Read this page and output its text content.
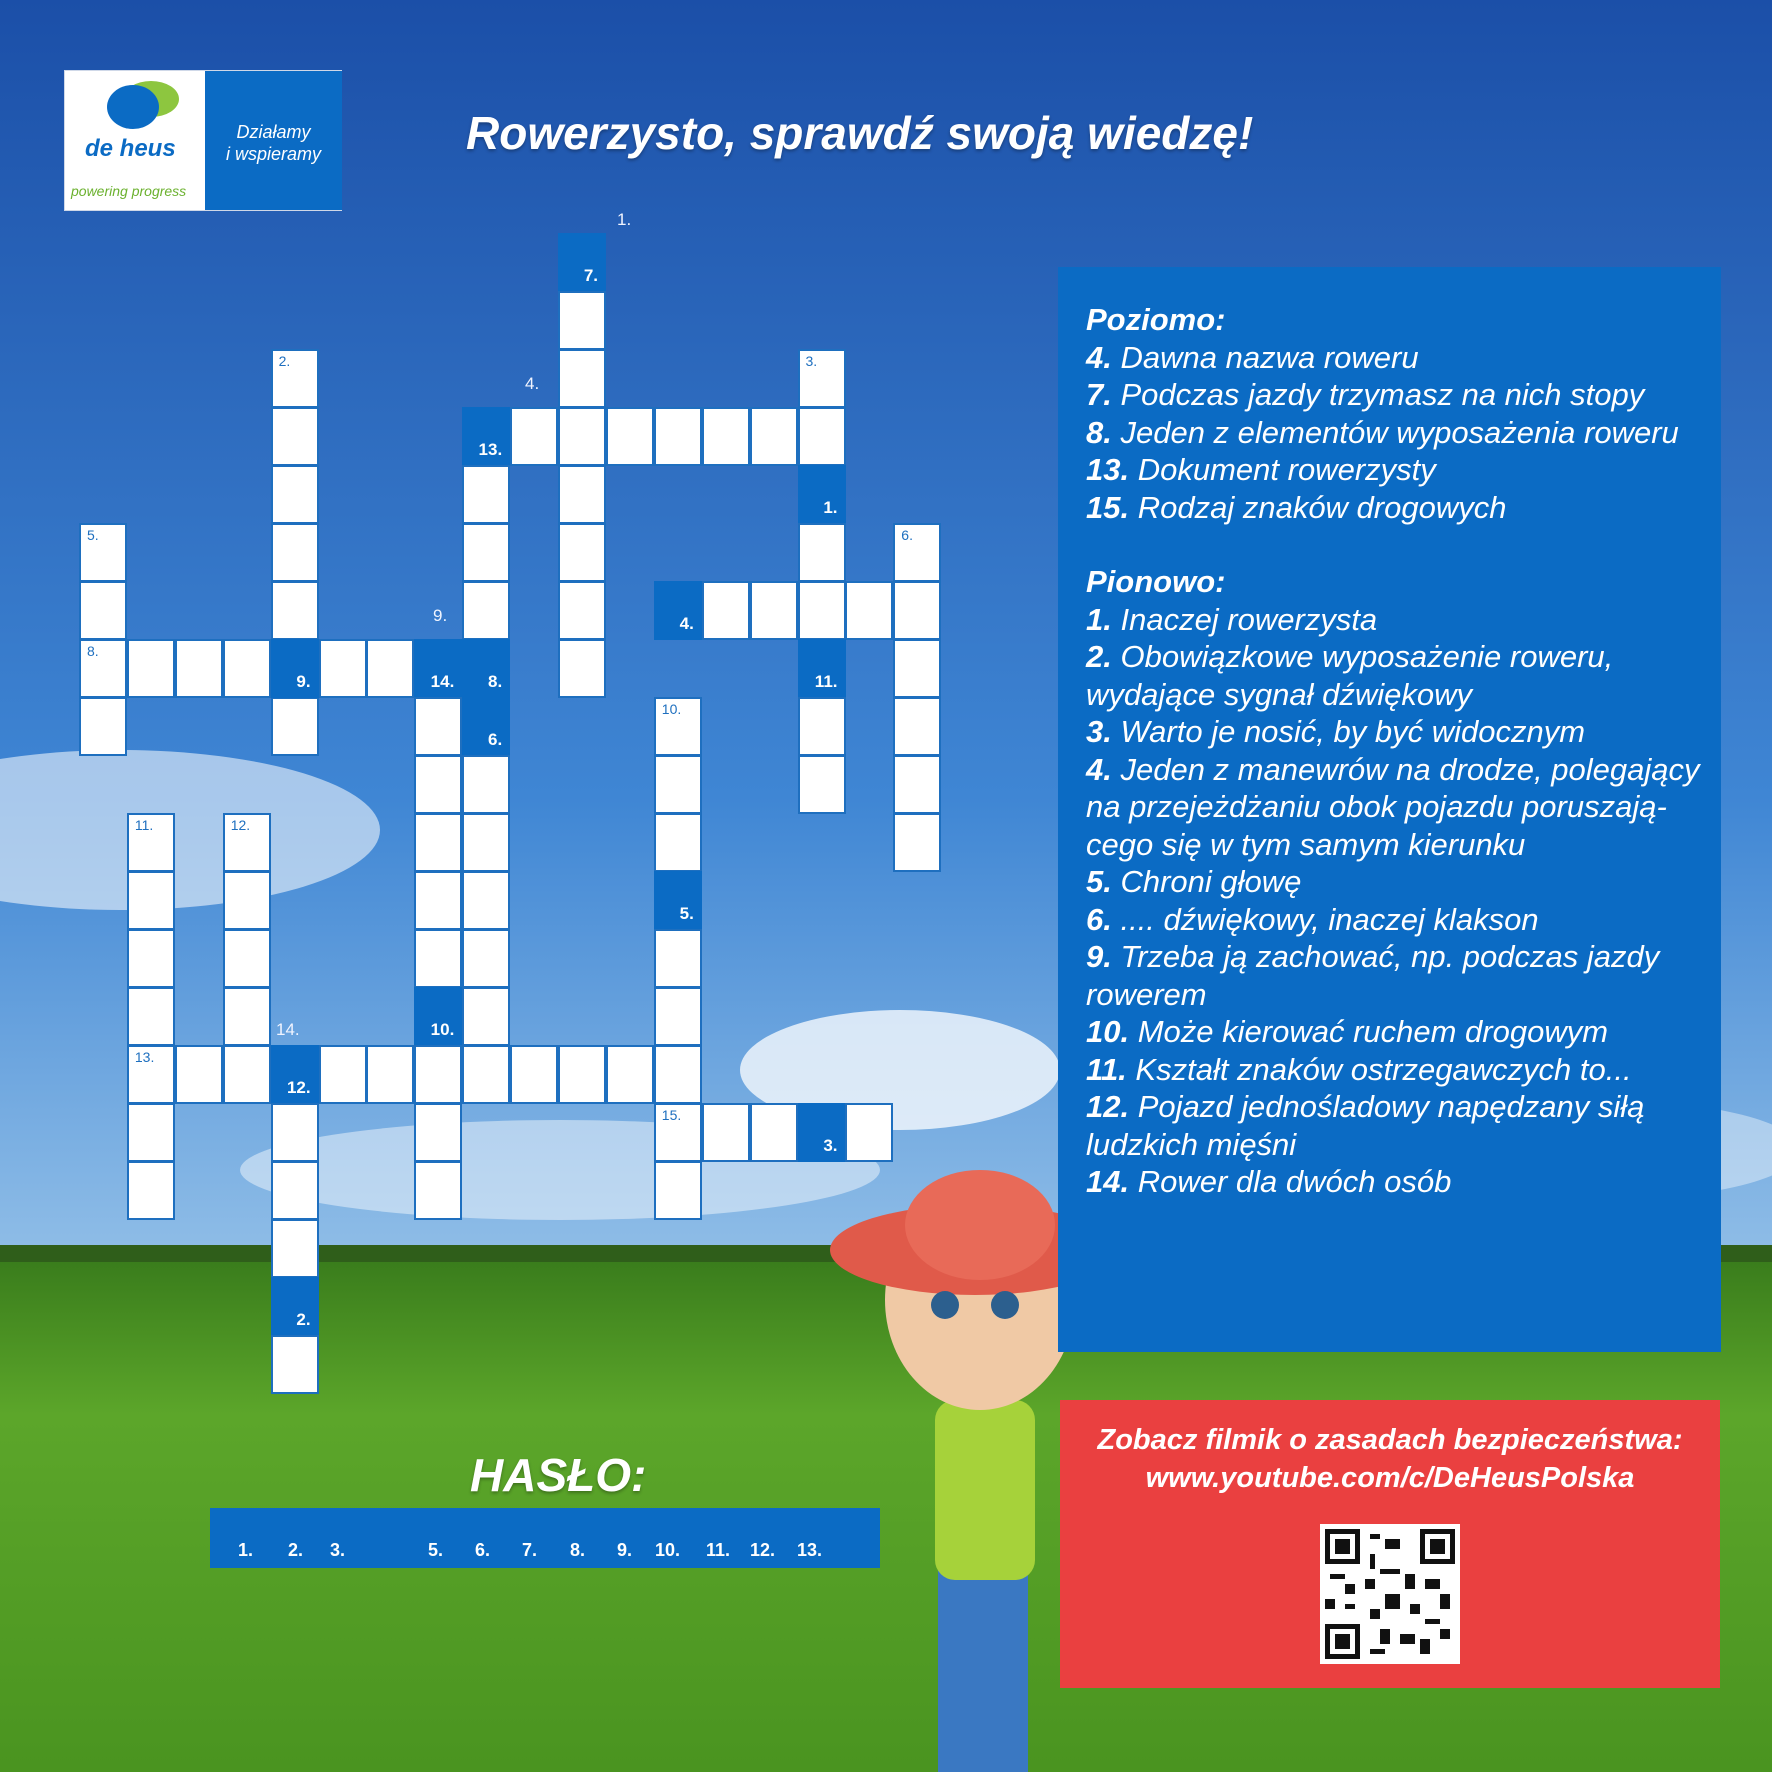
de heus
powering progress
Działamy
i wspieramy	Rowerzysto, sprawdź swoją wiedzę!
7.
13.
8.
6.
3.
1.
4.
11.
6.
2.
5.
8.
9.	14.
10.
10.
5.
11.	12.
13.
12.
2.
15.
3.
1.
4.
9.
14.
Poziomo:
4. Dawna nazwa roweru
7. Podczas jazdy trzymasz na nich stopy
8. Jeden z elementów wyposażenia roweru
13. Dokument rowerzysty
15. Rodzaj znaków drogowych
Pionowo:
1. Inaczej rowerzysta
2. Obowiązkowe wyposażenie roweru, wydające sygnał dźwiękowy
3. Warto je nosić, by być widocznym
4. Jeden z manewrów na drodze, polegający na przejeżdżaniu obok pojazdu poruszają-cego się w tym samym kierunku
5. Chroni głowę
6. .... dźwiękowy, inaczej klakson
9. Trzeba ją zachować, np. podczas jazdy rowerem
10. Może kierować ruchem drogowym
11. Kształt znaków ostrzegawczych to...
12. Pojazd jednośladowy napędzany siłą ludzkich mięśni
14. Rower dla dwóch osób
Zobacz filmik o zasadach bezpieczeństwa:
www.youtube.com/c/DeHeusPolska
HASŁO:
1. 2. 3.	5. 6. 7. 8. 9. 10. 11. 12. 13.
